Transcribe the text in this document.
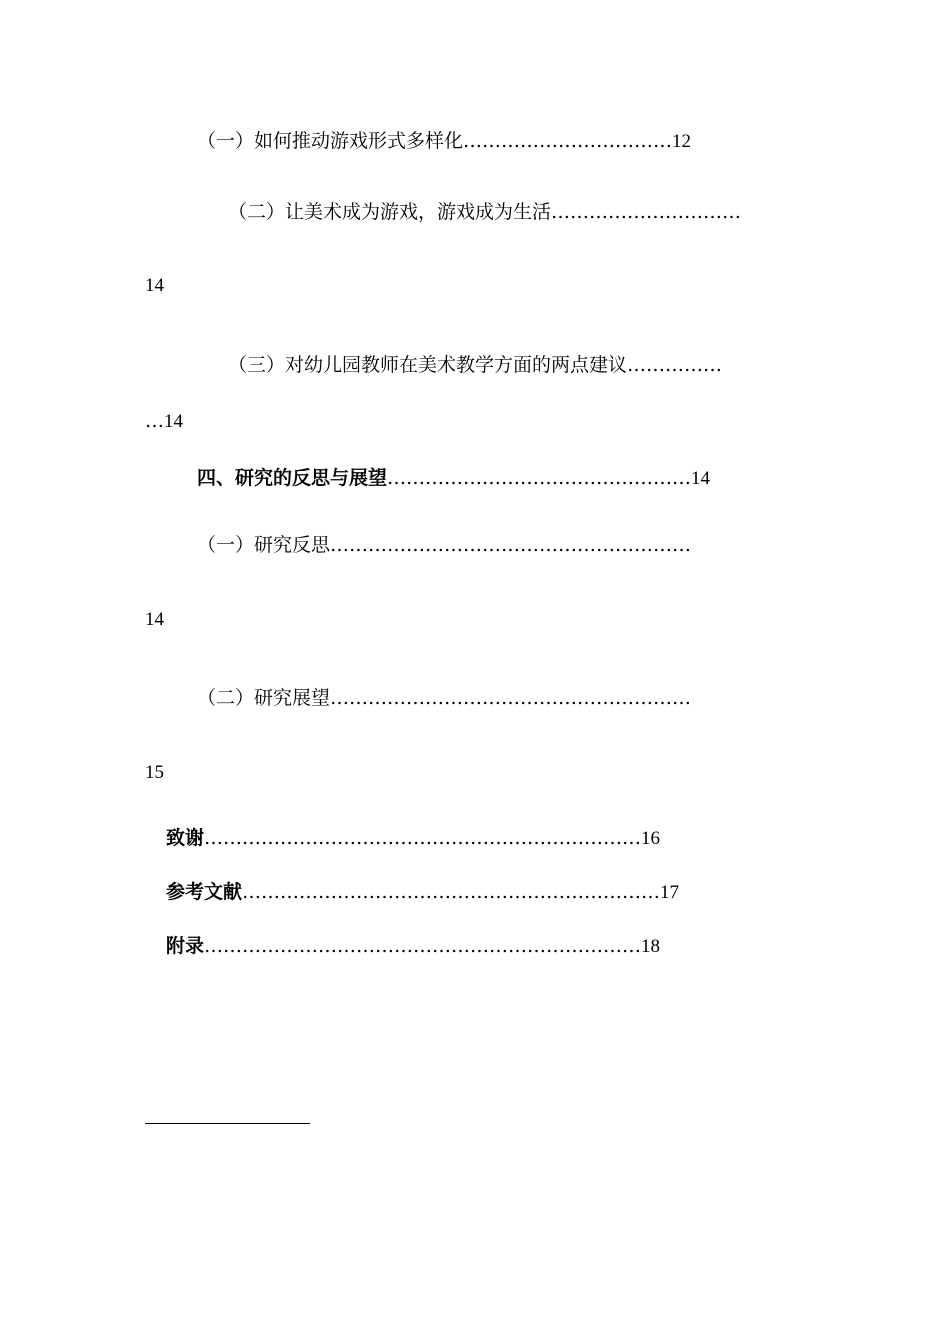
（一）如何推动游戏形式多样化……………………………12
（二）让美术成为游戏，游戏成为生活…………………………
14
（三）对幼儿园教师在美术教学方面的两点建议……………
…14
四、研究的反思与展望…………………………………………14
（一）研究反思…………………………………………………
14
（二）研究展望…………………………………………………
15
致谢……………………………………………………………16
参考文献…………………………………………………………17
附录……………………………………………………………18
